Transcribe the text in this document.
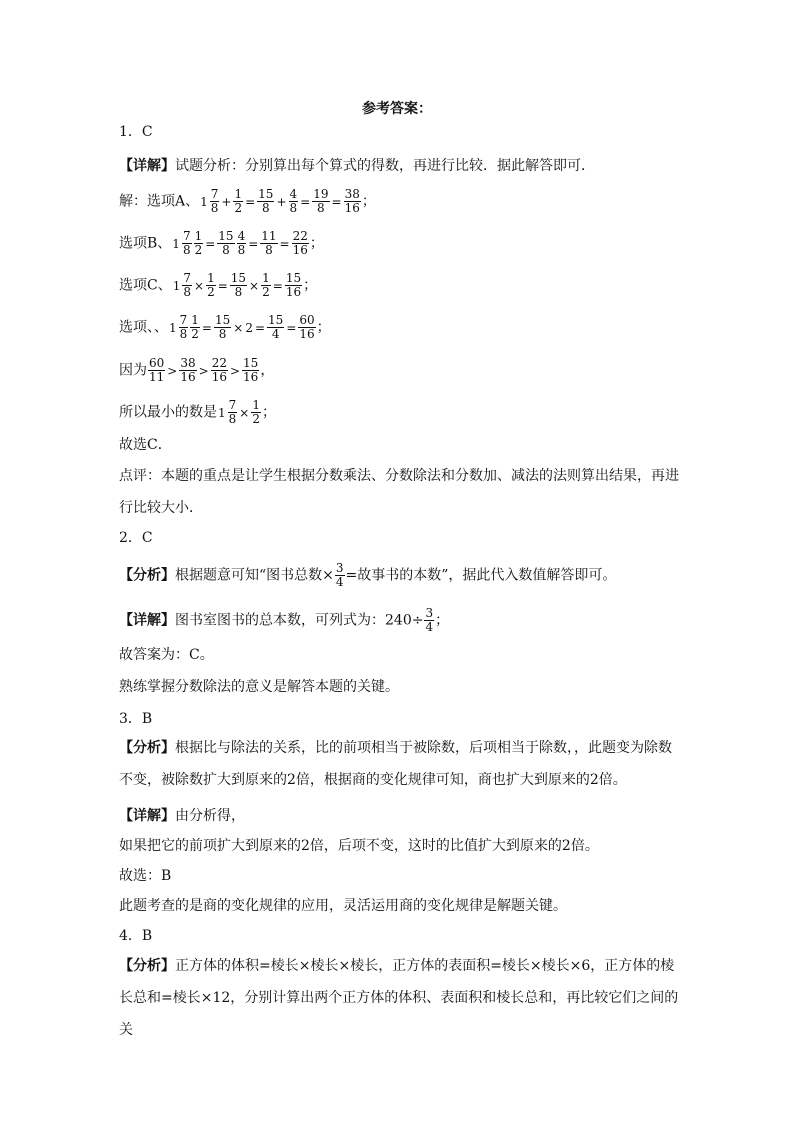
参考答案：
1．C
【详解】试题分析：分别算出每个算式的得数，再进行比较．据此解答即可．
解：选项A、 $1 \frac{7}{8} + \frac{1}{2} = \frac{15}{8} + \frac{4}{8} = \frac{19}{8} = \frac{38}{16}$ ；
选项B、 $1 \frac{7}{8} \frac{1}{2} = \frac{15}{8} \frac{4}{8} = \frac{11}{8} = \frac{22}{16}$ ；
选项C、 $1 \frac{7}{8} \times \frac{1}{2} = \frac{15}{8} \times \frac{1}{2} = \frac{15}{16}$ ；
选项、、 $1 \frac{7}{8} \frac{1}{2} = \frac{15}{8} \times 2 = \frac{15}{4} = \frac{60}{16}$ ；
因为 $\frac{60}{11} > \frac{38}{16} > \frac{22}{16} > \frac{15}{16}$ ，
所以最小的数是 $1 \frac{7}{8} \times \frac{1}{2}$ ；
故选C．
点评：本题的重点是让学生根据分数乘法、分数除法和分数加、减法的法则算出结果，再进行比较大小．
2．C
【分析】根据题意可知“图书总数× $\frac{3}{4}$ =故事书的本数”，据此代入数值解答即可。
【详解】图书室图书的总本数，可列式为：$240\div \frac{3}{4}$ ；
故答案为：C。
熟练掌握分数除法的意义是解答本题的关键。
3．B
【分析】根据比与除法的关系，比的前项相当于被除数，后项相当于除数，，此题变为除数不变，被除数扩大到原来的2倍，根据商的变化规律可知，商也扩大到原来的2倍。
【详解】由分析得，
如果把它的前项扩大到原来的2倍，后项不变，这时的比值扩大到原来的2倍。
故选：B
此题考查的是商的变化规律的应用，灵活运用商的变化规律是解题关键。
4．B
【分析】正方体的体积=棱长×棱长×棱长，正方体的表面积=棱长×棱长×6，正方体的棱长总和=棱长×12，分别计算出两个正方体的体积、表面积和棱长总和，再比较它们之间的关
